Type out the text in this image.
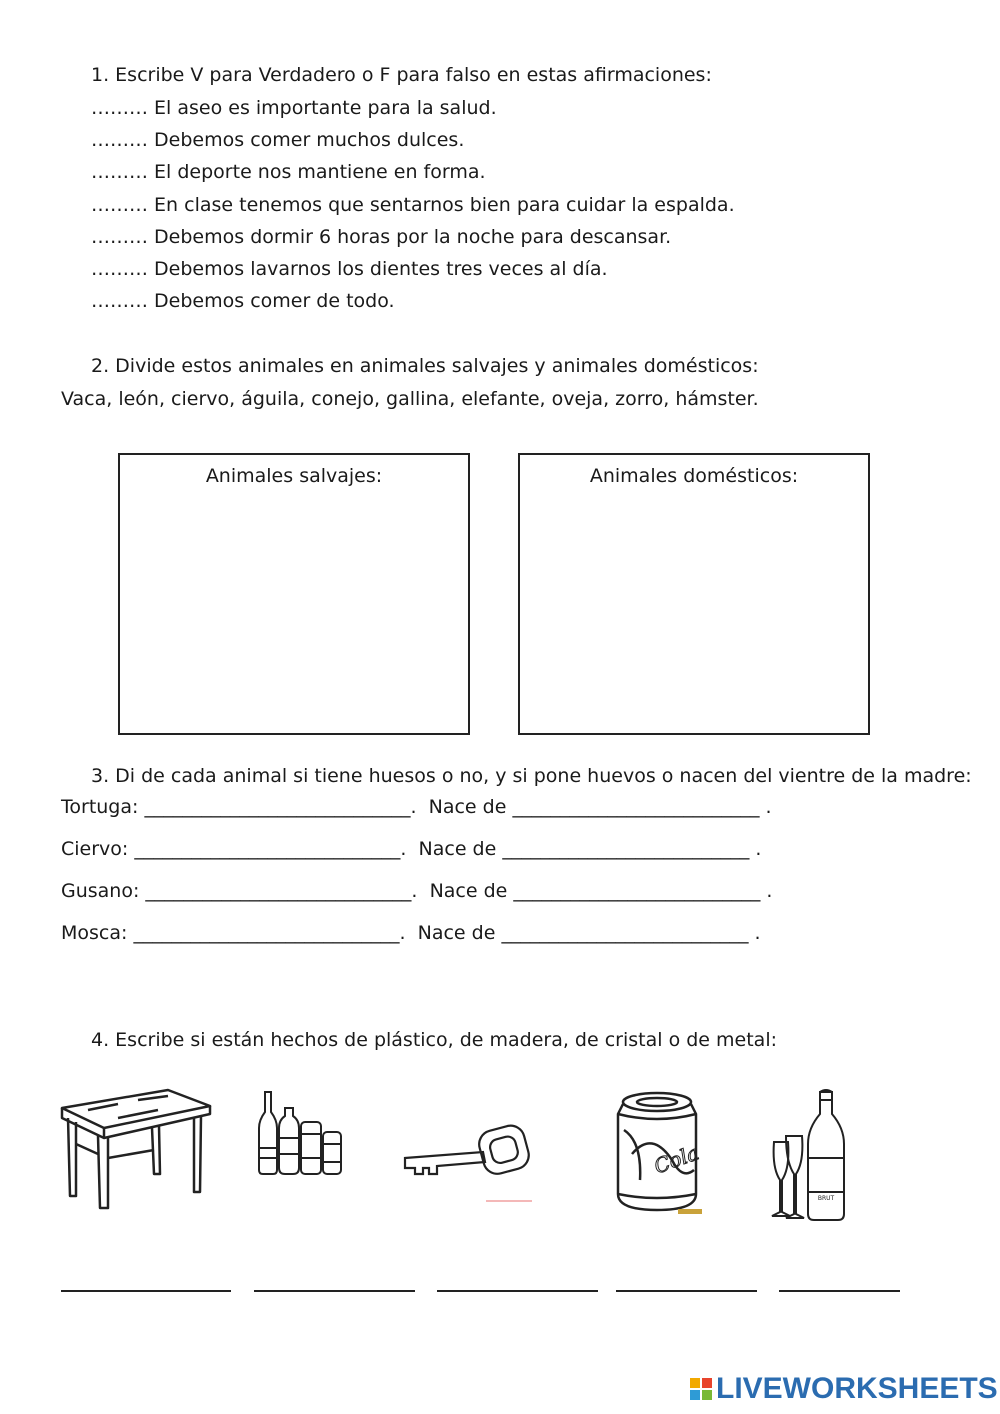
1. Escribe V para Verdadero o F para falso en estas afirmaciones:
……… El aseo es importante para la salud.
……… Debemos comer muchos dulces.
……… El deporte nos mantiene en forma.
……… En clase tenemos que sentarnos bien para cuidar la espalda.
……… Debemos dormir 6 horas por la noche para descansar.
……… Debemos lavarnos los dientes tres veces al día.
……… Debemos comer de todo.
2. Divide estos animales en animales salvajes y animales domésticos:
Vaca, león, ciervo, águila, conejo, gallina, elefante, oveja, zorro, hámster.
Animales salvajes:	Animales domésticos:
3. Di de cada animal si tiene huesos o no, y si pone huevos o nacen del vientre de la madre:
Tortuga: ____________________________. Nace de __________________________ .
Ciervo: ____________________________. Nace de __________________________ .
Gusano: ____________________________. Nace de __________________________ .
Mosca: ____________________________. Nace de __________________________ .
4. Escribe si están hechos de plástico, de madera, de cristal o de metal:
Cola
BRUT
LIVEWORKSHEETS
